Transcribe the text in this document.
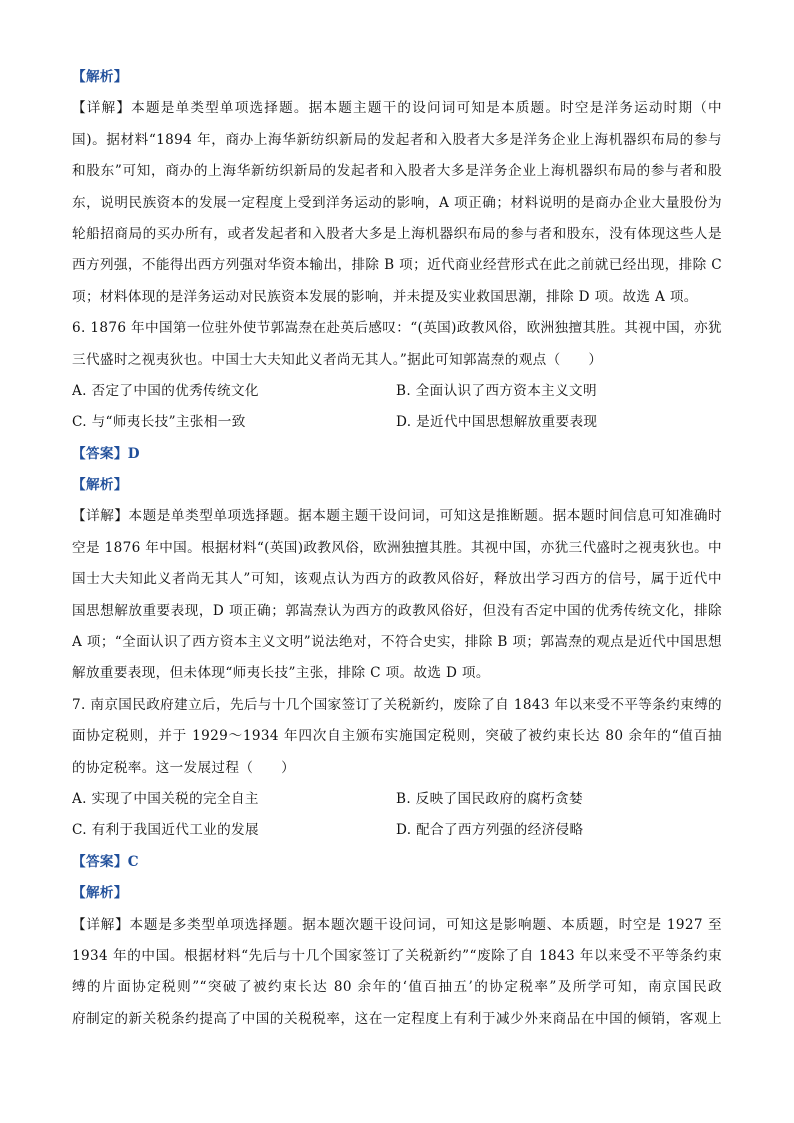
【解析】
【详解】本题是单类型单项选择题。据本题主题干的设问词可知是本质题。时空是洋务运动时期（中
国)。据材料“1894 年，商办上海华新纺织新局的发起者和入股者大多是洋务企业上海机器织布局的参与
和股东”可知，商办的上海华新纺织新局的发起者和入股者大多是洋务企业上海机器织布局的参与者和股
东，说明民族资本的发展一定程度上受到洋务运动的影响，A 项正确；材料说明的是商办企业大量股份为
轮船招商局的买办所有，或者发起者和入股者大多是上海机器织布局的参与者和股东，没有体现这些人是
西方列强，不能得出西方列强对华资本输出，排除 B 项；近代商业经营形式在此之前就已经出现，排除 C
项；材料体现的是洋务运动对民族资本发展的影响，并未提及实业救国思潮，排除 D 项。故选 A 项。
6. 1876 年中国第一位驻外使节郭嵩焘在赴英后感叹：“(英国)政教风俗，欧洲独擅其胜。其视中国，亦犹
三代盛时之视夷狄也。中国士大夫知此义者尚无其人。”据此可知郭嵩焘的观点（　　）
A. 否定了中国的优秀传统文化	B. 全面认识了西方资本主义文明
C. 与“师夷长技”主张相一致	D. 是近代中国思想解放重要表现
【答案】D
【解析】
【详解】本题是单类型单项选择题。据本题主题干设问词，可知这是推断题。据本题时间信息可知准确时
空是 1876 年中国。根据材料“(英国)政教风俗，欧洲独擅其胜。其视中国，亦犹三代盛时之视夷狄也。中
国士大夫知此义者尚无其人”可知，该观点认为西方的政教风俗好，释放出学习西方的信号，属于近代中
国思想解放重要表现，D 项正确；郭嵩焘认为西方的政教风俗好，但没有否定中国的优秀传统文化，排除
A 项；“全面认识了西方资本主义文明”说法绝对，不符合史实，排除 B 项；郭嵩焘的观点是近代中国思想
解放重要表现，但未体现“师夷长技”主张，排除 C 项。故选 D 项。
7. 南京国民政府建立后，先后与十几个国家签订了关税新约，废除了自 1843 年以来受不平等条约束缚的
面协定税则，并于 1929～1934 年四次自主颁布实施国定税则，突破了被约束长达 80 余年的“值百抽
的协定税率。这一发展过程（　　）
A. 实现了中国关税的完全自主	B. 反映了国民政府的腐朽贪婪
C. 有利于我国近代工业的发展	D. 配合了西方列强的经济侵略
【答案】C
【解析】
【详解】本题是多类型单项选择题。据本题次题干设问词，可知这是影响题、本质题，时空是 1927 至
1934 年的中国。根据材料“先后与十几个国家签订了关税新约”“废除了自 1843 年以来受不平等条约束
缚的片面协定税则”“突破了被约束长达 80 余年的‘值百抽五’的协定税率”及所学可知，南京国民政
府制定的新关税条约提高了中国的关税税率，这在一定程度上有利于减少外来商品在中国的倾销，客观上
